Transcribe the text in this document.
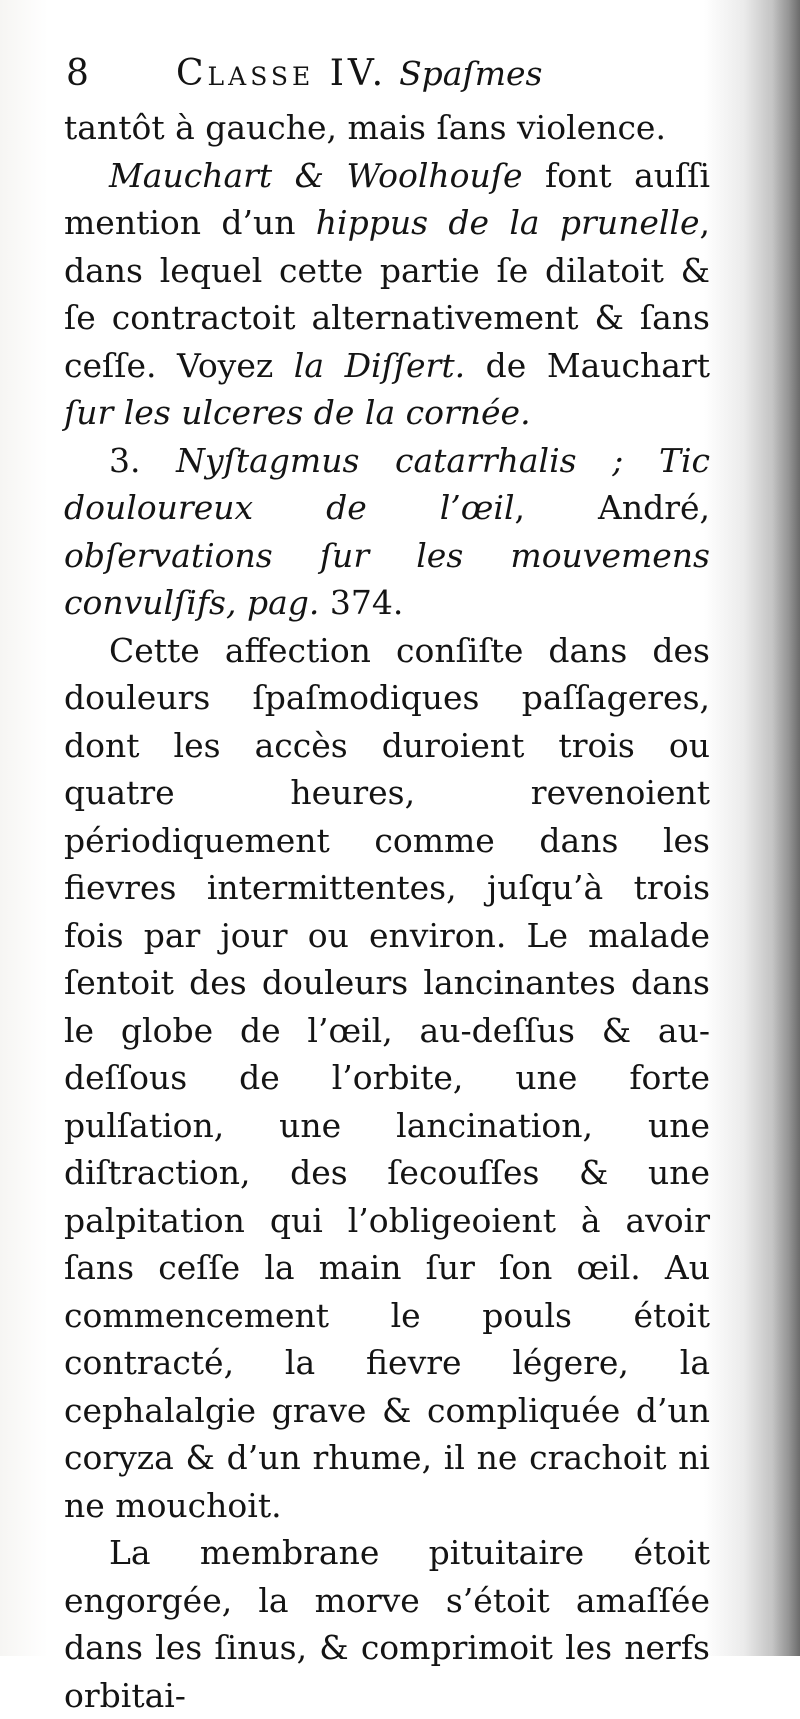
8 Classe IV. Spaſmes

tantôt à gauche, mais ſans violence.

Mauchart & Woolhouſe font auſſi mention d’un hippus de la prunelle, dans lequel cette partie ſe dilatoit & ſe contractoit alternativement & ſans ceſſe. Voyez la Diſſert. de Mauchart ſur les ulceres de la cornée.

3. Nyſtagmus catarrhalis ; Tic douloureux de l’œil, André, obſervations ſur les mouvemens convulſifs, pag. 374.

Cette affection conſiſte dans des douleurs ſpaſmodiques paſſageres, dont les accès duroient trois ou quatre heures, revenoient périodiquement comme dans les fievres intermittentes, juſqu’à trois fois par jour ou environ. Le malade ſentoit des douleurs lancinantes dans le globe de l’œil, au-deſſus & au-deſſous de l’orbite, une forte pulſation, une lancination, une diſtraction, des ſecouſſes & une palpitation qui l’obligeoient à avoir ſans ceſſe la main ſur ſon œil. Au commencement le pouls étoit contracté, la fievre légere, la cephalalgie grave & compliquée d’un coryza & d’un rhume, il ne crachoit ni ne mouchoit.

La membrane pituitaire étoit engorgée, la morve s’étoit amaſſée dans les ſinus, & comprimoit les nerfs orbitai-
